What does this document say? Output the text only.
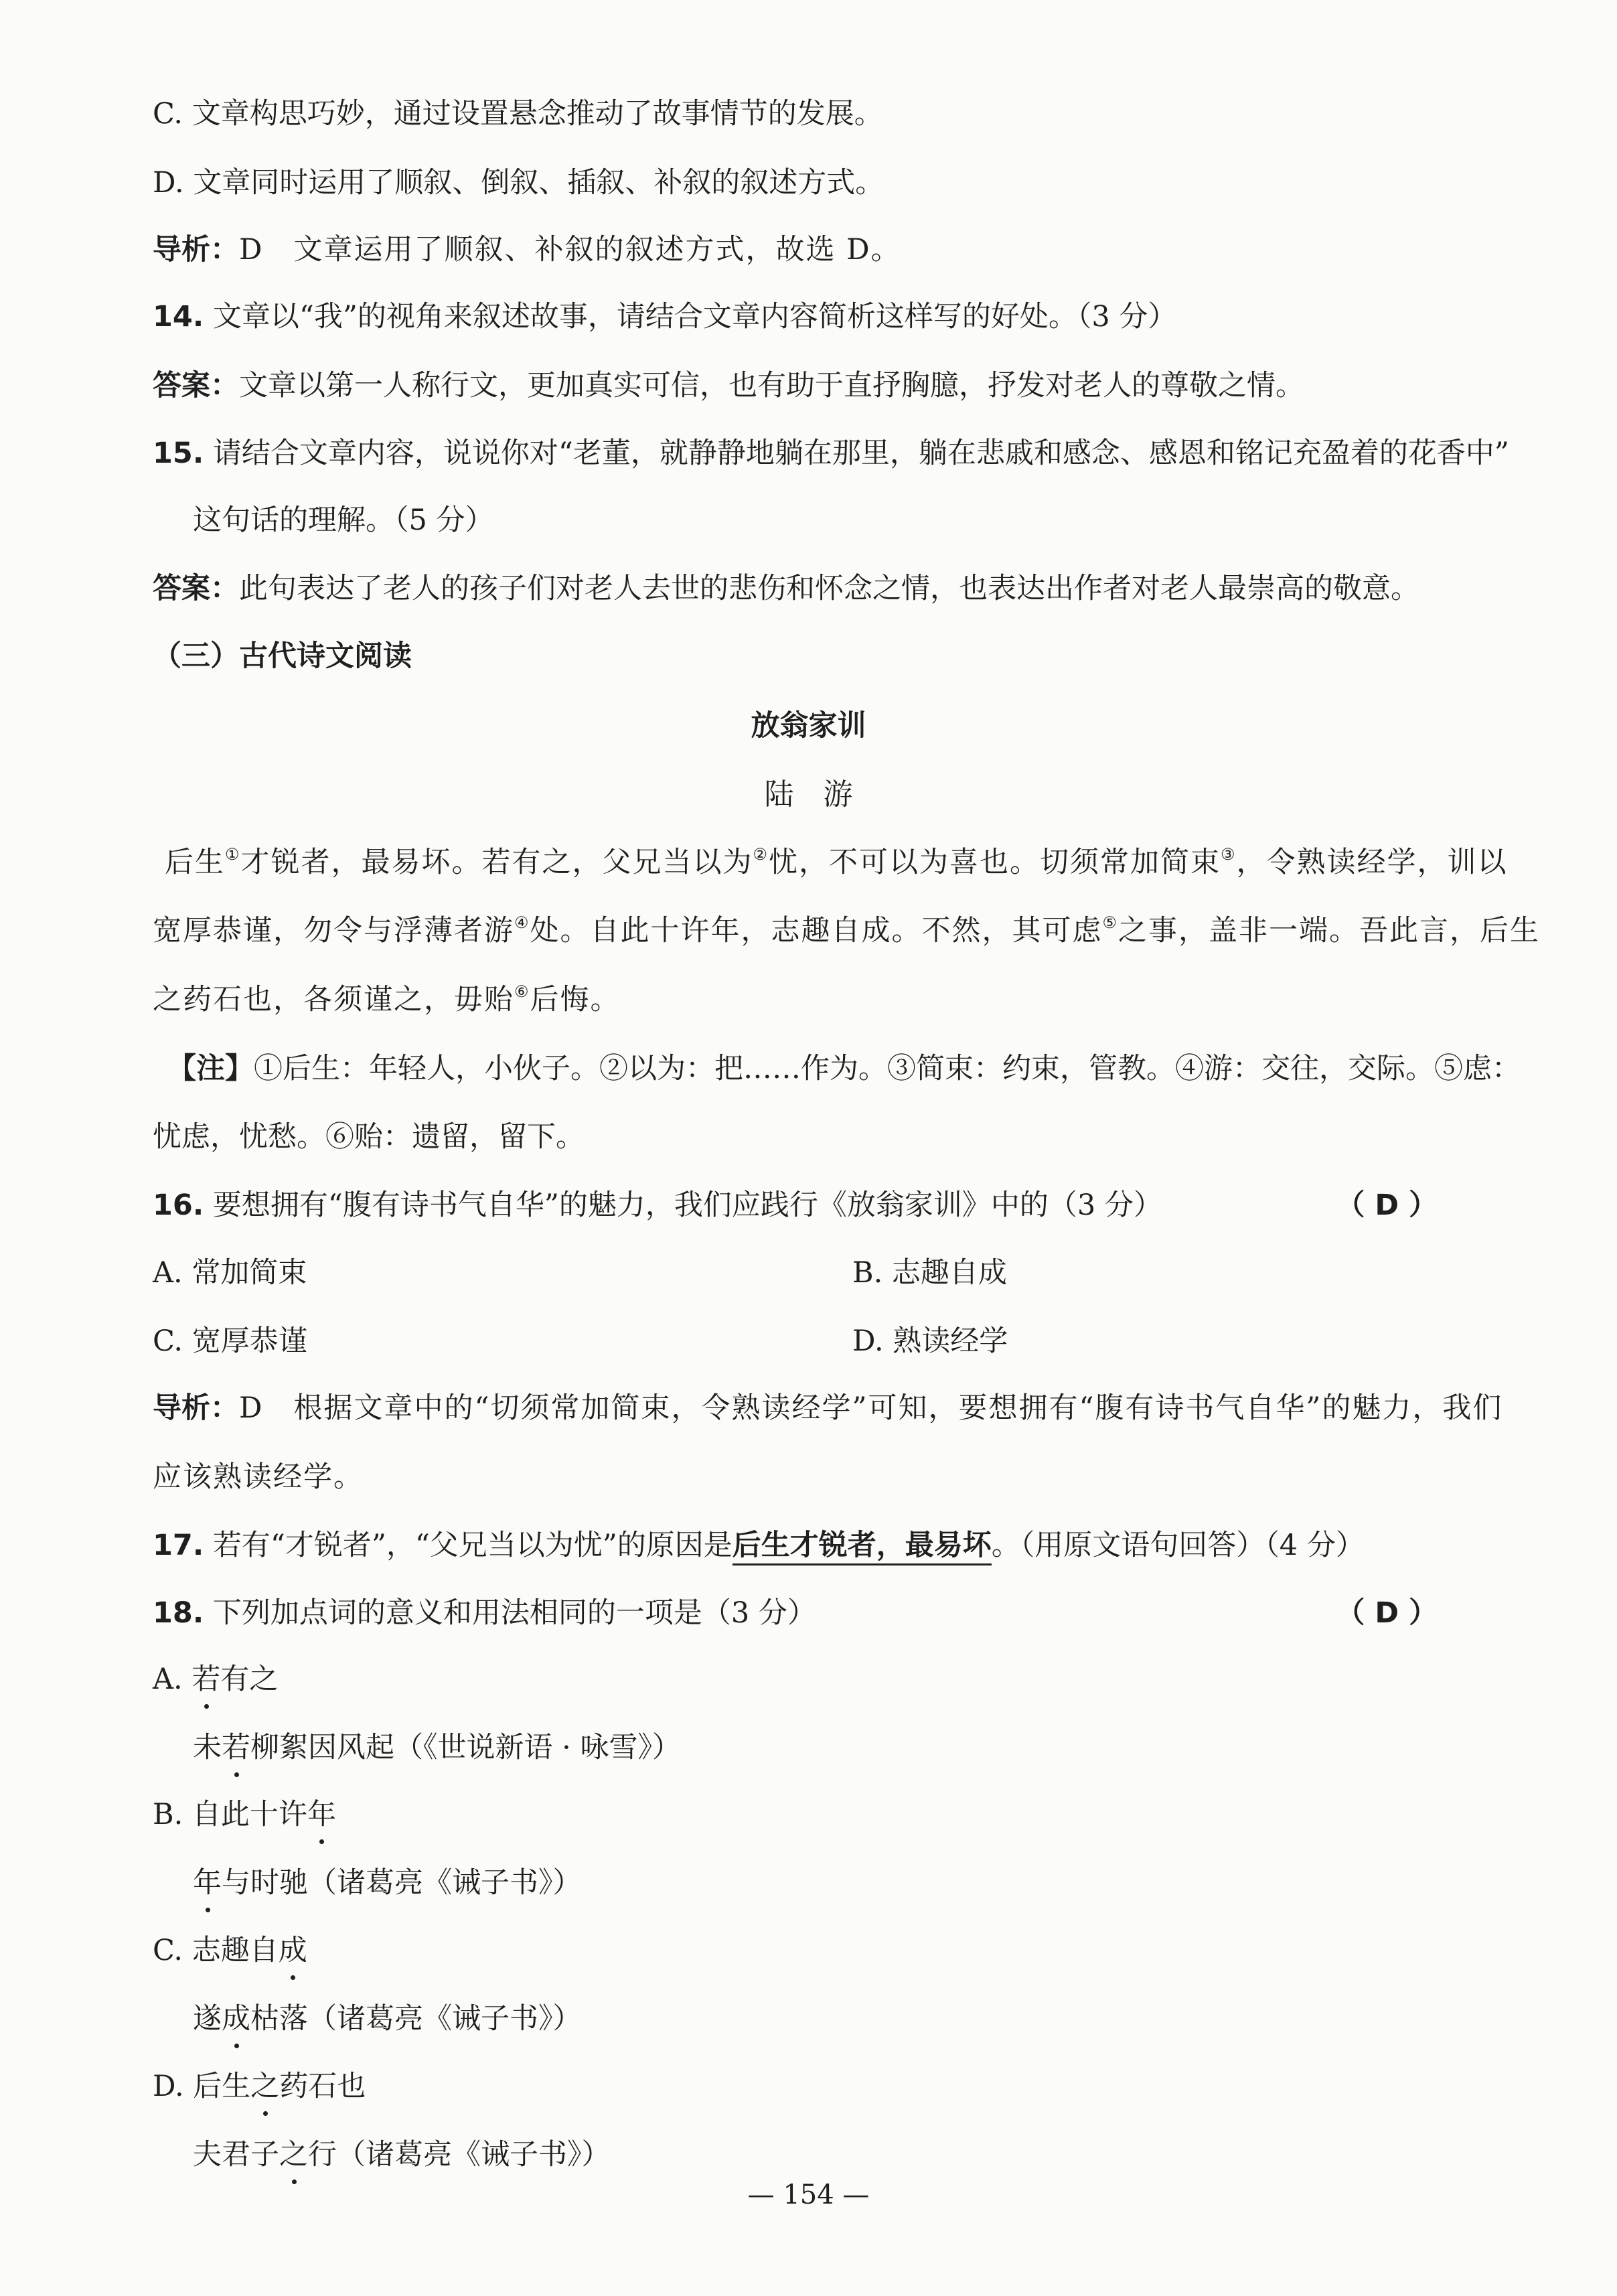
C. 文章构思巧妙，通过设置悬念推动了故事情节的发展。
D. 文章同时运用了顺叙、倒叙、插叙、补叙的叙述方式。
导析：D　文章运用了顺叙、补叙的叙述方式，故选 D。
14. 文章以“我”的视角来叙述故事，请结合文章内容简析这样写的好处。（3 分）
答案：文章以第一人称行文，更加真实可信，也有助于直抒胸臆，抒发对老人的尊敬之情。
15. 请结合文章内容，说说你对“老董，就静静地躺在那里，躺在悲戚和感念、感恩和铭记充盈着的花香中”
这句话的理解。（5 分）
答案：此句表达了老人的孩子们对老人去世的悲伤和怀念之情，也表达出作者对老人最崇高的敬意。
（三）古代诗文阅读
放翁家训
陆　游
后生①才锐者，最易坏。若有之，父兄当以为②忧，不可以为喜也。切须常加简束③，令熟读经学，训以
宽厚恭谨，勿令与浮薄者游④处。自此十许年，志趣自成。不然，其可虑⑤之事，盖非一端。吾此言，后生
之药石也，各须谨之，毋贻⑥后悔。
【注】①后生：年轻人，小伙子。②以为：把……作为。③简束：约束，管教。④游：交往，交际。⑤虑：
忧虑，忧愁。⑥贻：遗留，留下。
16. 要想拥有“腹有诗书气自华”的魅力，我们应践行《放翁家训》中的（3 分）	（ D ）
A. 常加简束	B. 志趣自成
C. 宽厚恭谨	D. 熟读经学
导析：D　根据文章中的“切须常加简束，令熟读经学”可知，要想拥有“腹有诗书气自华”的魅力，我们
应该熟读经学。
17. 若有“才锐者”，“父兄当以为忧”的原因是后生才锐者，最易坏。（用原文语句回答）（4 分）
18. 下列加点词的意义和用法相同的一项是（3 分）	（ D ）
A. 若有之
未若柳絮因风起（《世说新语 · 咏雪》）
B. 自此十许年
年与时驰（诸葛亮《诫子书》）
C. 志趣自成
遂成枯落（诸葛亮《诫子书》）
D. 后生之药石也
夫君子之行（诸葛亮《诫子书》）
— 154 —
